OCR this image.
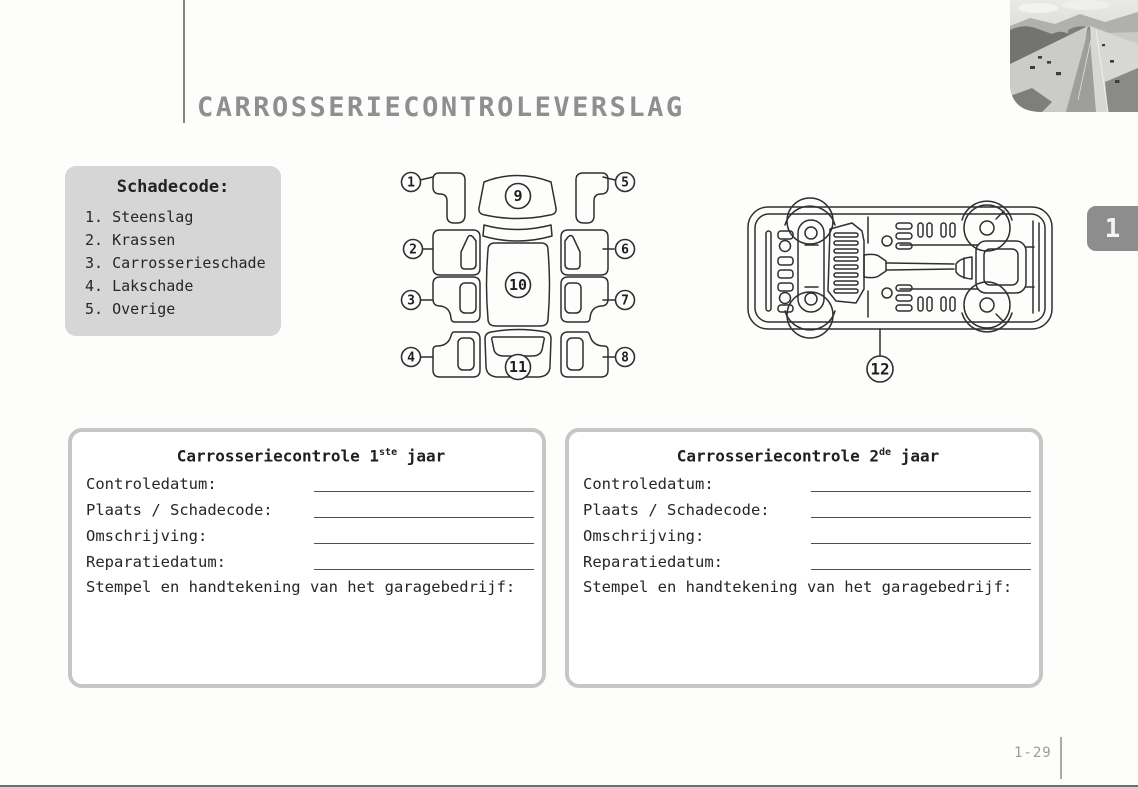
CARROSSERIECONTROLEVERSLAG
1
Schadecode:
1. Steenslag
2. Krassen
3. Carrosserieschade
4. Lakschade
5. Overige
1
2
3
4
5
6
7
8
9
10
11	12
Carrosseriecontrole 1ste jaar
Controledatum:
Plaats / Schadecode:
Omschrijving:
Reparatiedatum:
Stempel en handtekening van het garagebedrijf:
Carrosseriecontrole 2de jaar
Controledatum:
Plaats / Schadecode:
Omschrijving:
Reparatiedatum:
Stempel en handtekening van het garagebedrijf:
1-29
